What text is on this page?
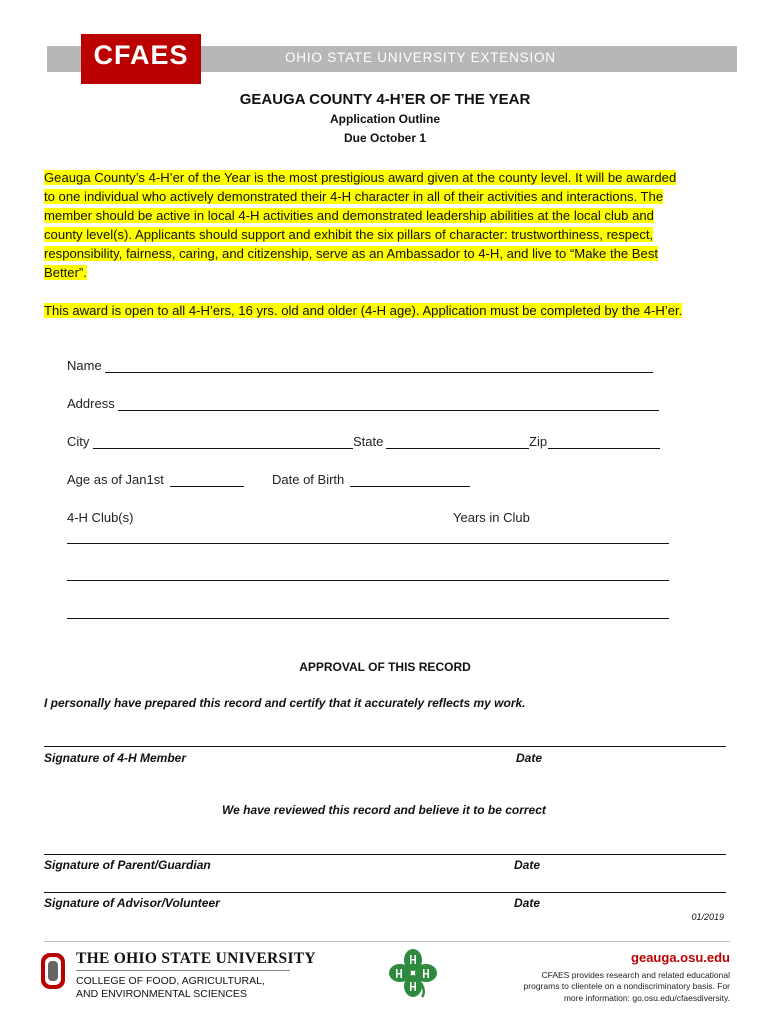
OHIO STATE UNIVERSITY EXTENSION
CFAES
GEAUGA COUNTY 4-H’ER OF THE YEAR
Application Outline
Due October 1
Geauga County’s 4-H’er of the Year is the most prestigious award given at the county level. It will be awarded
to one individual who actively demonstrated their 4-H character in all of their activities and interactions. The
member should be active in local 4-H activities and demonstrated leadership abilities at the local club and
county level(s). Applicants should support and exhibit the six pillars of character: trustworthiness, respect,
responsibility, fairness, caring, and citizenship, serve as an Ambassador to 4-H, and live to “Make the Best
Better”.
This award is open to all 4-H’ers, 16 yrs. old and older (4-H age). Application must be completed by the 4-H’er.
Name
Address
City	State	Zip
Age as of Jan1st	Date of Birth
4-H Club(s)	Years in Club
APPROVAL OF THIS RECORD
I personally have prepared this record and certify that it accurately reflects my work.
Signature of 4-H Member	Date
We have reviewed this record and believe it to be correct
Signature of Parent/Guardian	Date
Signature of Advisor/Volunteer	Date
01/2019
THE OHIO STATE UNIVERSITY
COLLEGE OF FOOD, AGRICULTURAL,
AND ENVIRONMENTAL SCIENCES
geauga.osu.edu
CFAES provides research and related educational
programs to clientele on a nondiscriminatory basis. For
more information: go.osu.edu/cfaesdiversity.
